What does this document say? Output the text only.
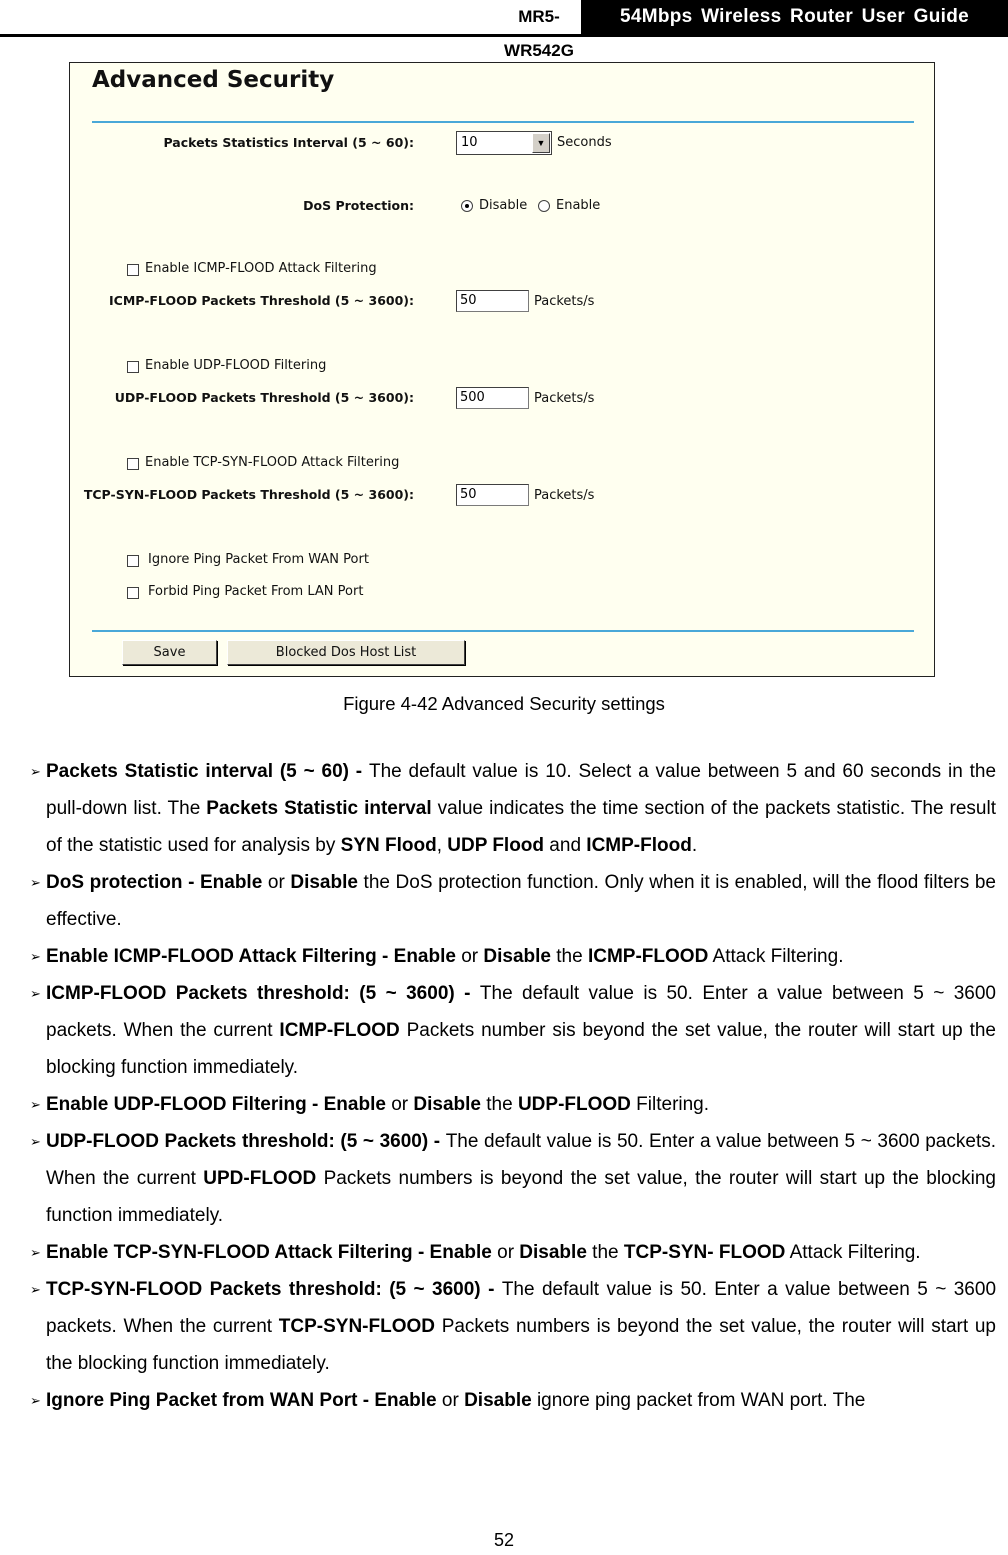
MR5-WR542G
54Mbps Wireless Router User Guide
Advanced Security
Packets Statistics Interval (5 ~ 60):	10	▼ Seconds
DoS Protection:	Disable Enable
Enable ICMP-FLOOD Attack Filtering
ICMP-FLOOD Packets Threshold (5 ~ 3600):	50	Packets/s
Enable UDP-FLOOD Filtering
UDP-FLOOD Packets Threshold (5 ~ 3600):	500	Packets/s
Enable TCP-SYN-FLOOD Attack Filtering
TCP-SYN-FLOOD Packets Threshold (5 ~ 3600):	50	Packets/s
Ignore Ping Packet From WAN Port
Forbid Ping Packet From LAN Port
Save	Blocked Dos Host List
Figure 4-42 Advanced Security settings
➢ Packets Statistic interval (5 ~ 60) - The default value is 10. Select a value between 5 and 60 seconds in the pull-down list. The Packets Statistic interval value indicates the time section of the packets statistic. The result of the statistic used for analysis by SYN Flood, UDP Flood and ICMP-Flood.
➢ DoS protection - Enable or Disable the DoS protection function. Only when it is enabled, will the flood filters be effective.
➢ Enable ICMP-FLOOD Attack Filtering - Enable or Disable the ICMP-FLOOD Attack Filtering.
➢ ICMP-FLOOD Packets threshold: (5 ~ 3600) - The default value is 50. Enter a value between 5 ~ 3600 packets. When the current ICMP-FLOOD Packets number sis beyond the set value, the router will start up the blocking function immediately.
➢ Enable UDP-FLOOD Filtering - Enable or Disable the UDP-FLOOD Filtering.
➢ UDP-FLOOD Packets threshold: (5 ~ 3600) - The default value is 50. Enter a value between 5 ~ 3600 packets. When the current UPD-FLOOD Packets numbers is beyond the set value, the router will start up the blocking function immediately.
➢ Enable TCP-SYN-FLOOD Attack Filtering - Enable or Disable the TCP-SYN- FLOOD Attack Filtering.
➢ TCP-SYN-FLOOD Packets threshold: (5 ~ 3600) - The default value is 50. Enter a value between 5 ~ 3600 packets. When the current TCP-SYN-FLOOD Packets numbers is beyond the set value, the router will start up the blocking function immediately.
➢ Ignore Ping Packet from WAN Port - Enable or Disable ignore ping packet from WAN port. The
52
